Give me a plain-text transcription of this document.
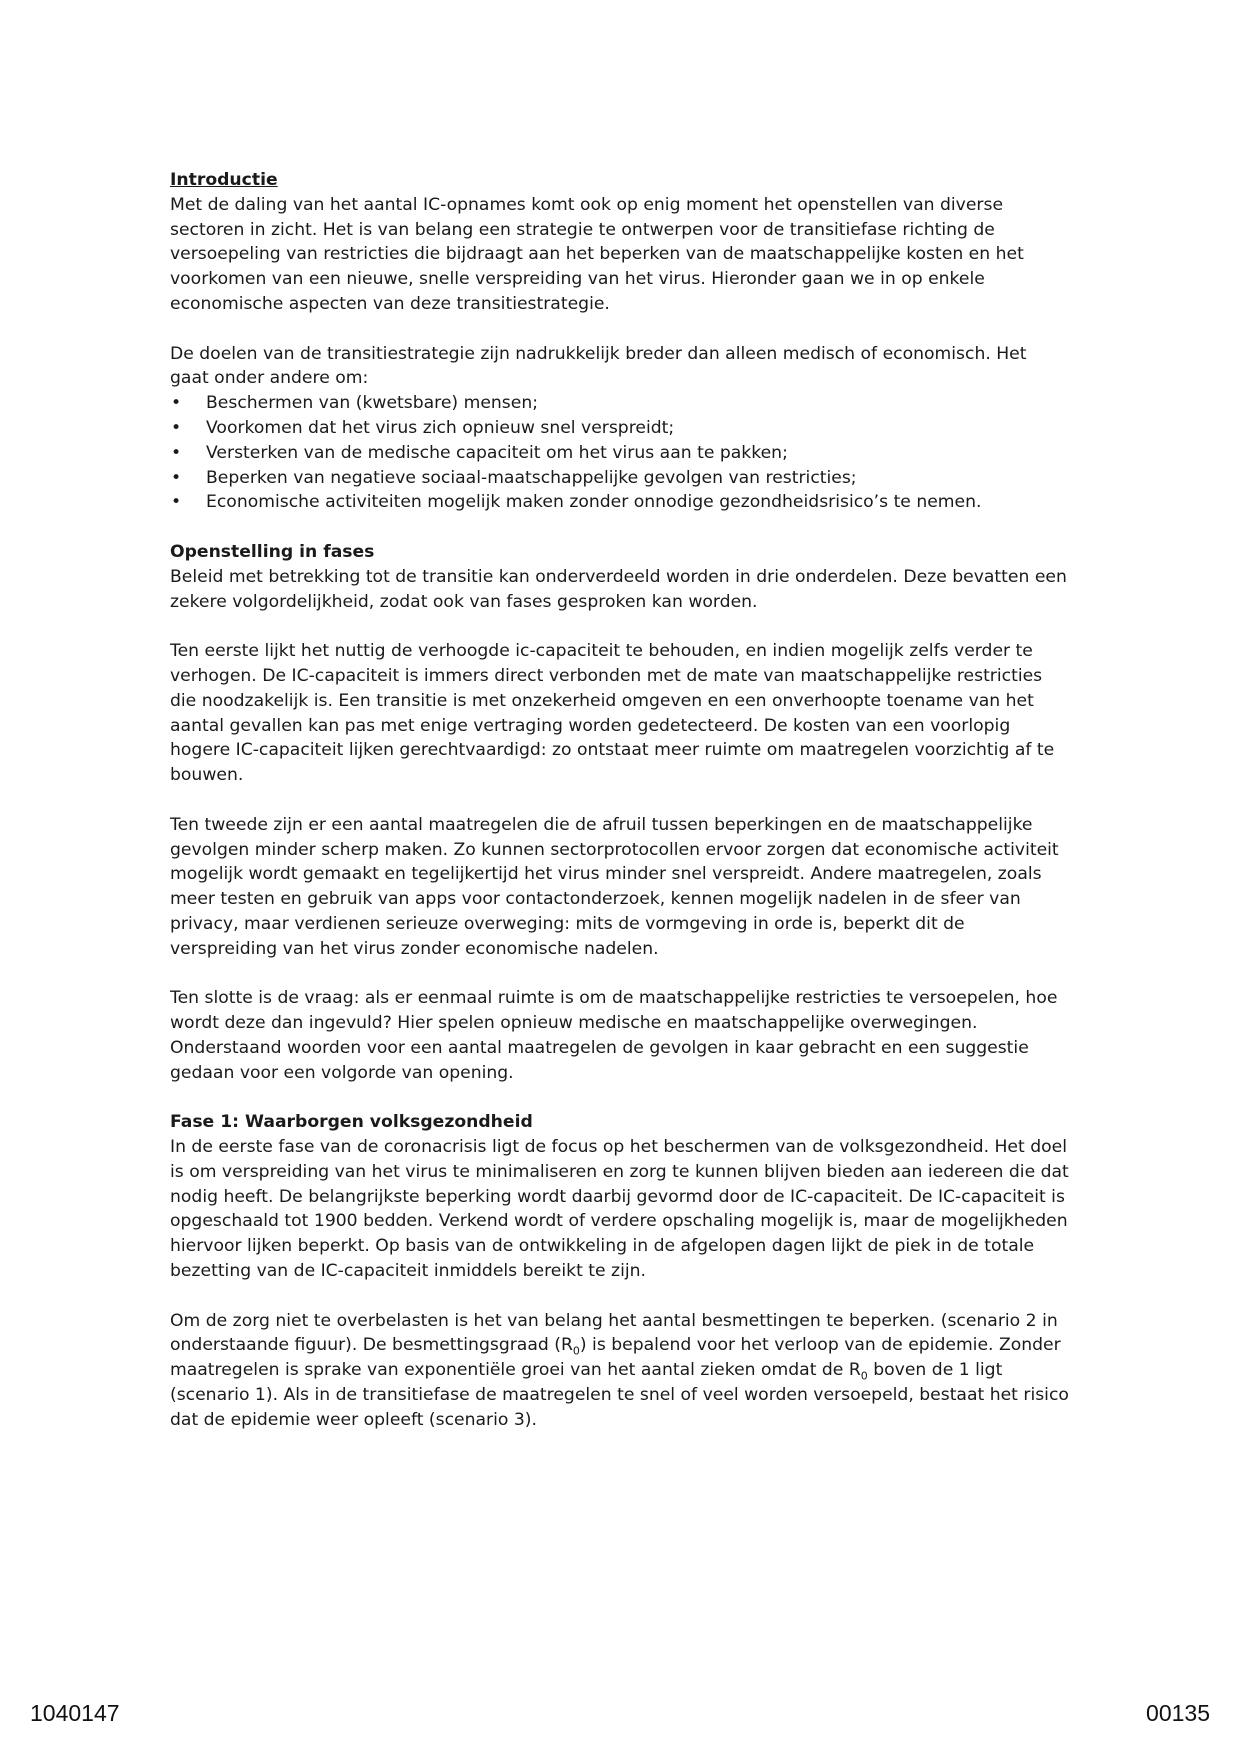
Introductie

Met de daling van het aantal IC-opnames komt ook op enig moment het openstellen van diverse sectoren in zicht. Het is van belang een strategie te ontwerpen voor de transitiefase richting de versoepeling van restricties die bijdraagt aan het beperken van de maatschappelijke kosten en het voorkomen van een nieuwe, snelle verspreiding van het virus. Hieronder gaan we in op enkele economische aspecten van deze transitiestrategie.

De doelen van de transitiestrategie zijn nadrukkelijk breder dan alleen medisch of economisch. Het gaat onder andere om:

• Beschermen van (kwetsbare) mensen;
• Voorkomen dat het virus zich opnieuw snel verspreidt;
• Versterken van de medische capaciteit om het virus aan te pakken;
• Beperken van negatieve sociaal-maatschappelijke gevolgen van restricties;
• Economische activiteiten mogelijk maken zonder onnodige gezondheidsrisico’s te nemen.
Openstelling in fases

Beleid met betrekking tot de transitie kan onderverdeeld worden in drie onderdelen. Deze bevatten een zekere volgordelijkheid, zodat ook van fases gesproken kan worden.

Ten eerste lijkt het nuttig de verhoogde ic-capaciteit te behouden, en indien mogelijk zelfs verder te verhogen. De IC-capaciteit is immers direct verbonden met de mate van maatschappelijke restricties die noodzakelijk is. Een transitie is met onzekerheid omgeven en een onverhoopte toename van het aantal gevallen kan pas met enige vertraging worden gedetecteerd. De kosten van een voorlopig hogere IC-capaciteit lijken gerechtvaardigd: zo ontstaat meer ruimte om maatregelen voorzichtig af te bouwen.

Ten tweede zijn er een aantal maatregelen die de afruil tussen beperkingen en de maatschappelijke gevolgen minder scherp maken. Zo kunnen sectorprotocollen ervoor zorgen dat economische activiteit mogelijk wordt gemaakt en tegelijkertijd het virus minder snel verspreidt. Andere maatregelen, zoals meer testen en gebruik van apps voor contactonderzoek, kennen mogelijk nadelen in de sfeer van privacy, maar verdienen serieuze overweging: mits de vormgeving in orde is, beperkt dit de verspreiding van het virus zonder economische nadelen.

Ten slotte is de vraag: als er eenmaal ruimte is om de maatschappelijke restricties te versoepelen, hoe wordt deze dan ingevuld? Hier spelen opnieuw medische en maatschappelijke overwegingen. Onderstaand woorden voor een aantal maatregelen de gevolgen in kaar gebracht en een suggestie gedaan voor een volgorde van opening.

Fase 1: Waarborgen volksgezondheid

In de eerste fase van de coronacrisis ligt de focus op het beschermen van de volksgezondheid. Het doel is om verspreiding van het virus te minimaliseren en zorg te kunnen blijven bieden aan iedereen die dat nodig heeft. De belangrijkste beperking wordt daarbij gevormd door de IC-capaciteit. De IC-capaciteit is opgeschaald tot 1900 bedden. Verkend wordt of verdere opschaling mogelijk is, maar de mogelijkheden hiervoor lijken beperkt. Op basis van de ontwikkeling in de afgelopen dagen lijkt de piek in de totale bezetting van de IC-capaciteit inmiddels bereikt te zijn.

Om de zorg niet te overbelasten is het van belang het aantal besmettingen te beperken. (scenario 2 in onderstaande figuur). De besmettingsgraad $(R_0)$ is bepalend voor het verloop van de epidemie. Zonder maatregelen is sprake van exponentiële groei van het aantal zieken omdat de $R_0$ boven de 1 ligt (scenario 1). Als in de transitiefase de maatregelen te snel of veel worden versoepeld, bestaat het risico dat de epidemie weer opleeft (scenario 3).

1040147	00135
